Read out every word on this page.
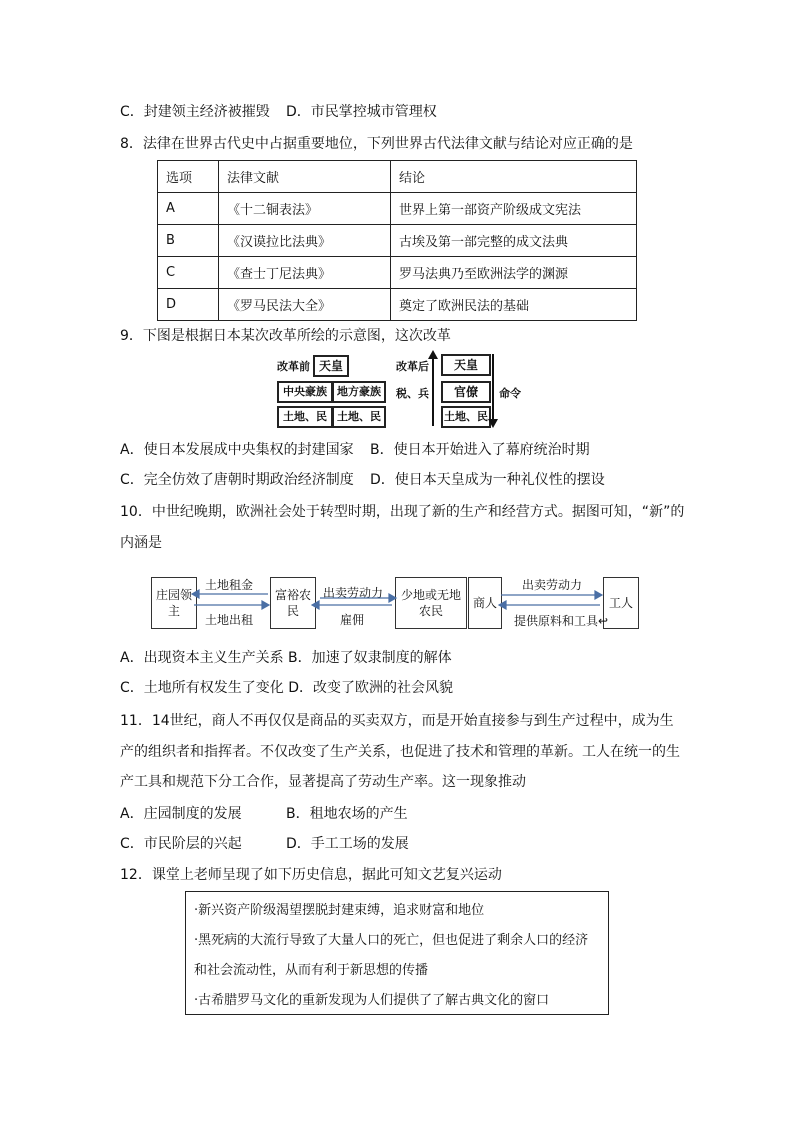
C．封建领主经济被摧毁 D．市民掌控城市管理权
8．法律在世界古代史中占据重要地位，下列世界古代法律文献与结论对应正确的是
选项	法律文献	结论
A	《十二铜表法》	世界上第一部资产阶级成文宪法
B	《汉谟拉比法典》	古埃及第一部完整的成文法典
C	《查士丁尼法典》	罗马法典乃至欧洲法学的渊源
D	《罗马民法大全》	奠定了欧洲民法的基础
9．下图是根据日本某次改革所绘的示意图，这次改革
改革前 天皇
中央豪族 地方豪族
土地、民 土地、民
改革后
税、兵
天皇
官僚
土地、民
命令
A．使日本发展成中央集权的封建国家 B．使日本开始进入了幕府统治时期
C．完全仿效了唐朝时期政治经济制度 D．使日本天皇成为一种礼仪性的摆设
10．中世纪晚期，欧洲社会处于转型时期，出现了新的生产和经营方式。据图可知，“新”的
内涵是
庄园领主
富裕农民
少地或无地农民
商人	工人
土地租金
土地出租
出卖劳动力
雇佣
出卖劳动力
提供原料和工具↩
A．出现资本主义生产关系 B．加速了奴隶制度的解体
C．土地所有权发生了变化 D．改变了欧洲的社会风貌
11．14世纪，商人不再仅仅是商品的买卖双方，而是开始直接参与到生产过程中，成为生
产的组织者和指挥者。不仅改变了生产关系，也促进了技术和管理的革新。工人在统一的生
产工具和规范下分工合作，显著提高了劳动生产率。这一现象推动
A．庄园制度的发展	B．租地农场的产生
C．市民阶层的兴起	D．手工工场的发展
12．课堂上老师呈现了如下历史信息，据此可知文艺复兴运动
·新兴资产阶级渴望摆脱封建束缚，追求财富和地位
·黑死病的大流行导致了大量人口的死亡，但也促进了剩余人口的经济
和社会流动性，从而有利于新思想的传播
·古希腊罗马文化的重新发现为人们提供了了解古典文化的窗口
